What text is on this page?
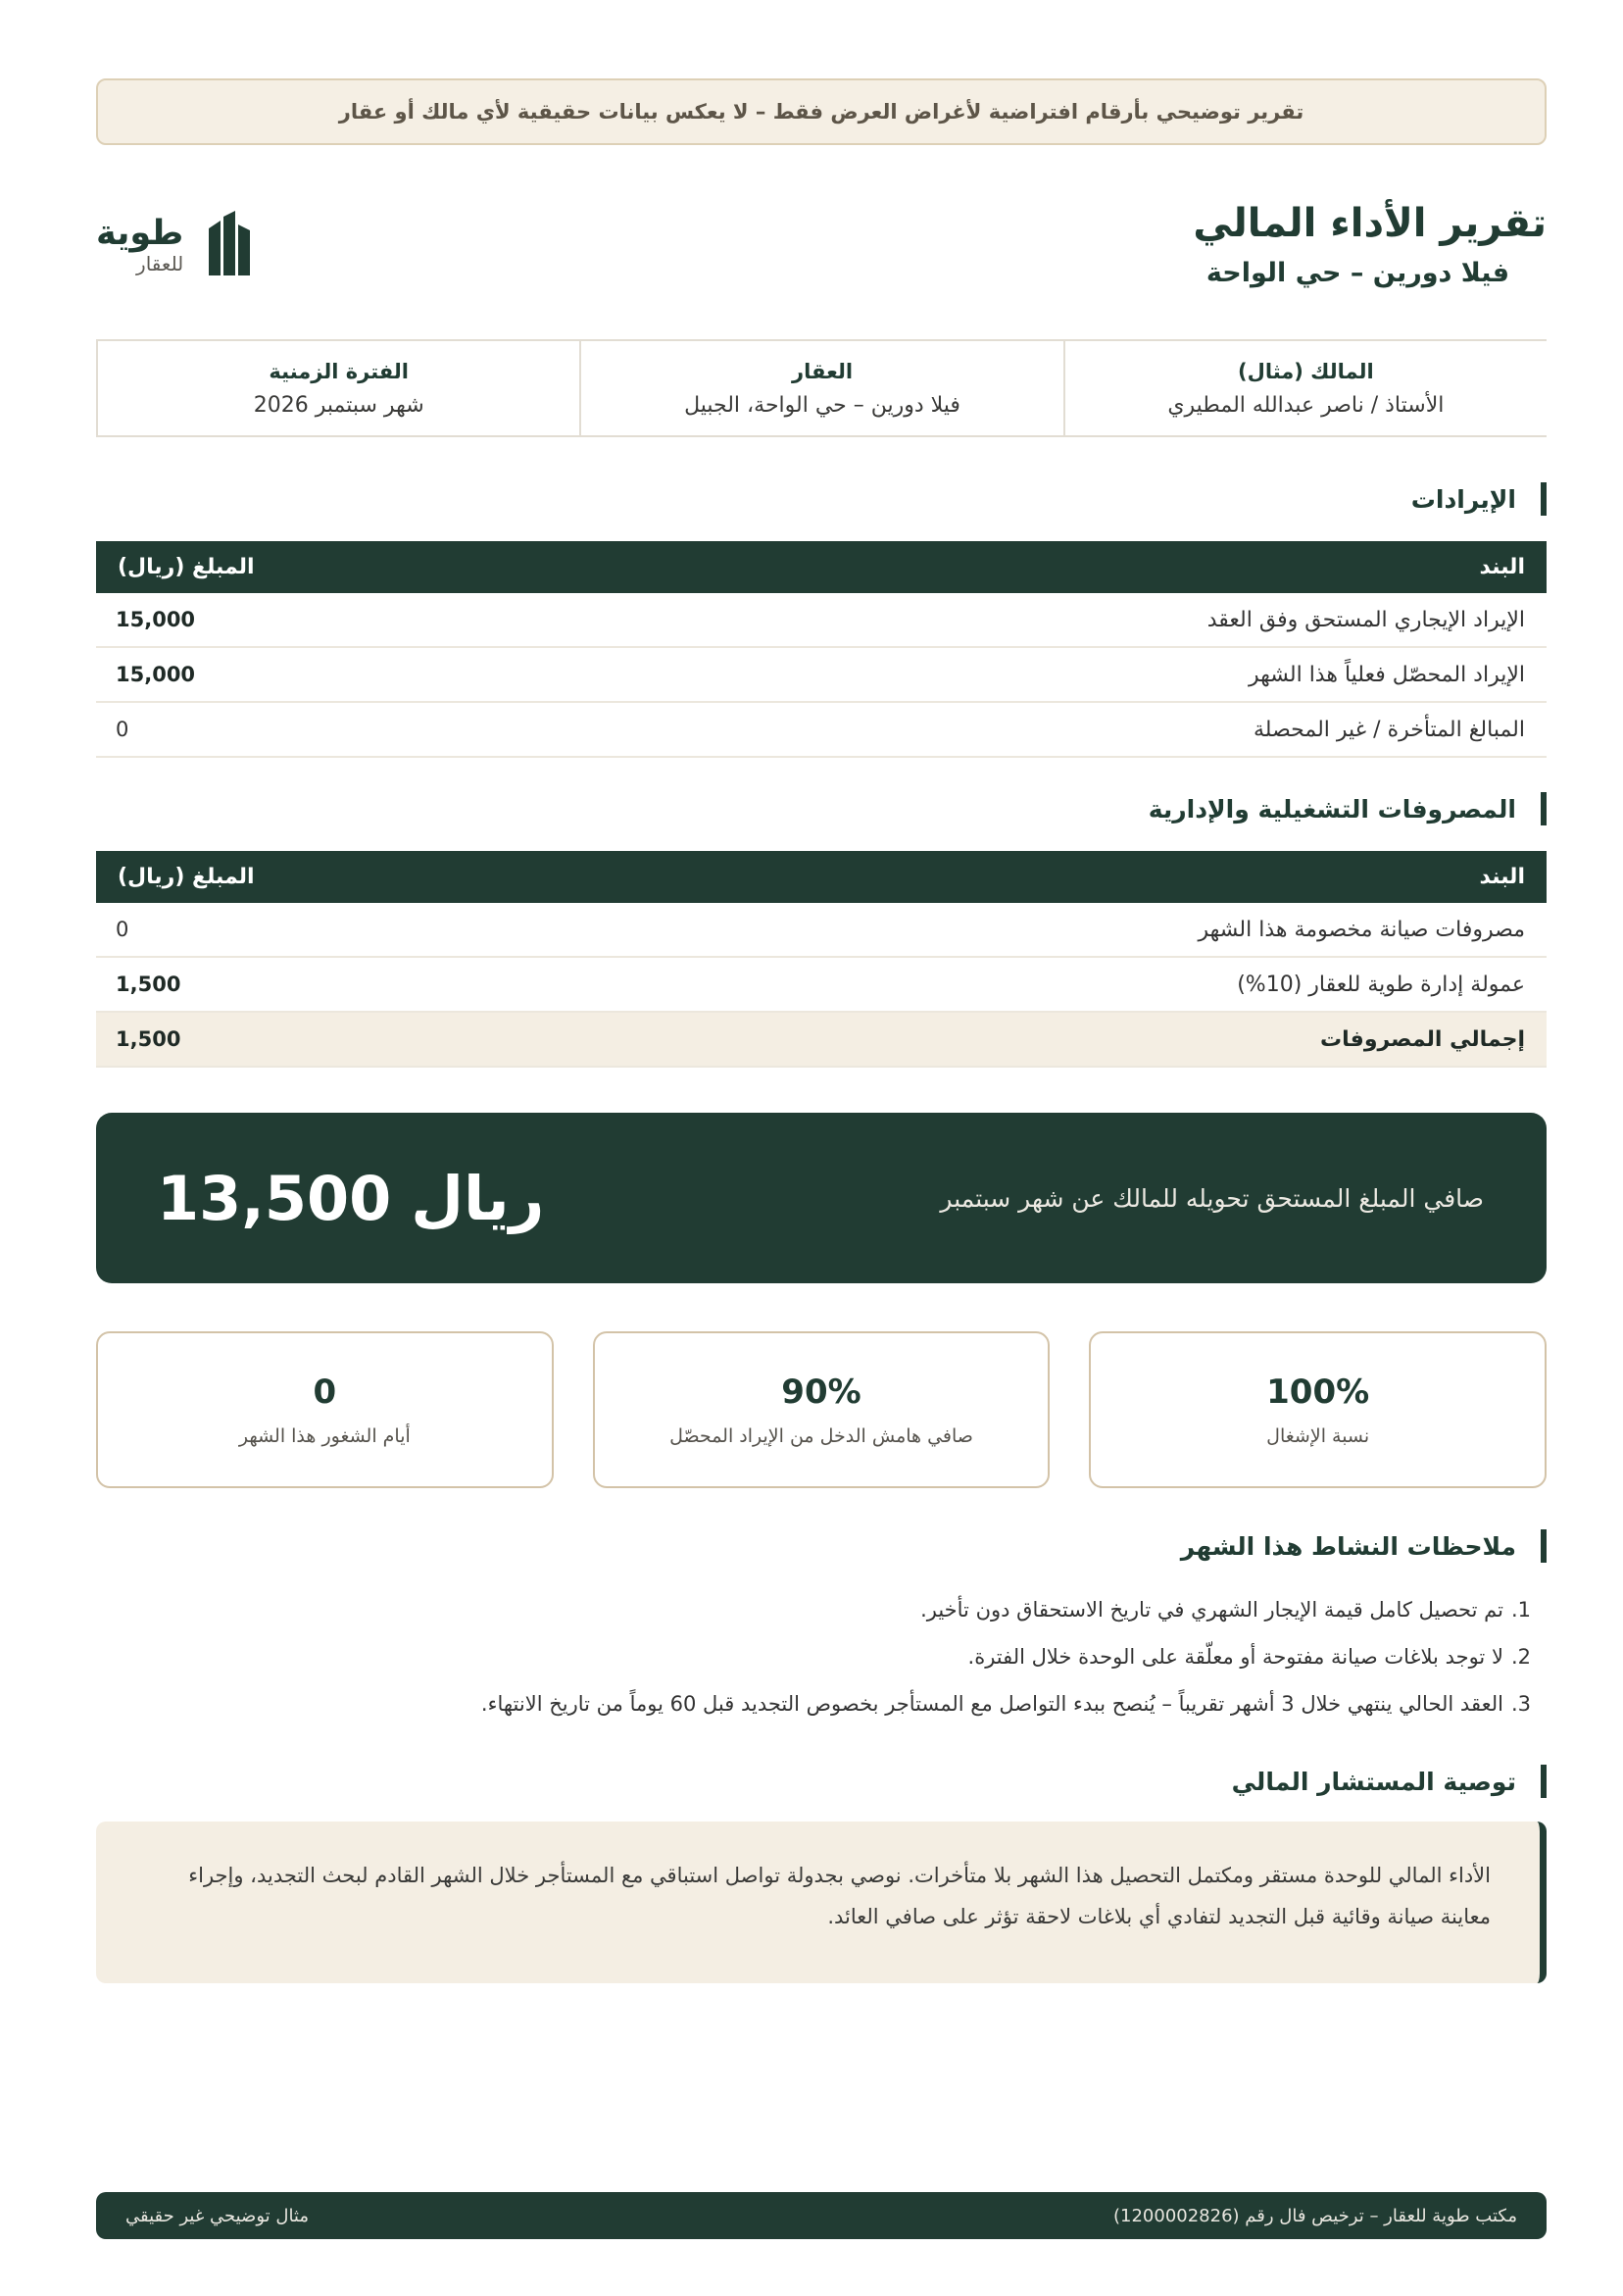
تقرير توضيحي بأرقام افتراضية لأغراض العرض فقط – لا يعكس بيانات حقيقية لأي مالك أو عقار
تقرير الأداء المالي
فيلا دورين – حي الواحة
طوية
للعقار
المالك (مثال)
الأستاذ / ناصر عبدالله المطيري
العقار
فيلا دورين – حي الواحة، الجبيل
الفترة الزمنية
شهر سبتمبر 2026
الإيرادات
البند
المبلغ (ريال)
الإيراد الإيجاري المستحق وفق العقد
15,000
الإيراد المحصّل فعلياً هذا الشهر
15,000
المبالغ المتأخرة / غير المحصلة
0
المصروفات التشغيلية والإدارية
البند
المبلغ (ريال)
مصروفات صيانة مخصومة هذا الشهر
0
عمولة إدارة طوية للعقار (10%)
1,500
إجمالي المصروفات
1,500
صافي المبلغ المستحق تحويله للمالك عن شهر سبتمبر
ريال
13,500
100%
نسبة الإشغال
90%
صافي هامش الدخل من الإيراد المحصّل
0
أيام الشغور هذا الشهر
ملاحظات النشاط هذا الشهر
1.
تم تحصيل كامل قيمة الإيجار الشهري في تاريخ الاستحقاق دون تأخير.
2.
لا توجد بلاغات صيانة مفتوحة أو معلّقة على الوحدة خلال الفترة.
3.
العقد الحالي ينتهي خلال 3 أشهر تقريباً – يُنصح ببدء التواصل مع المستأجر بخصوص التجديد قبل 60 يوماً من تاريخ الانتهاء.
توصية المستشار المالي
الأداء المالي للوحدة مستقر ومكتمل التحصيل هذا الشهر بلا متأخرات. نوصي بجدولة تواصل استباقي مع المستأجر خلال الشهر القادم لبحث التجديد، وإجراء معاينة صيانة وقائية قبل التجديد لتفادي أي بلاغات لاحقة تؤثر على صافي العائد.
مكتب طوية للعقار – ترخيص فال رقم (1200002826)
مثال توضيحي غير حقيقي
